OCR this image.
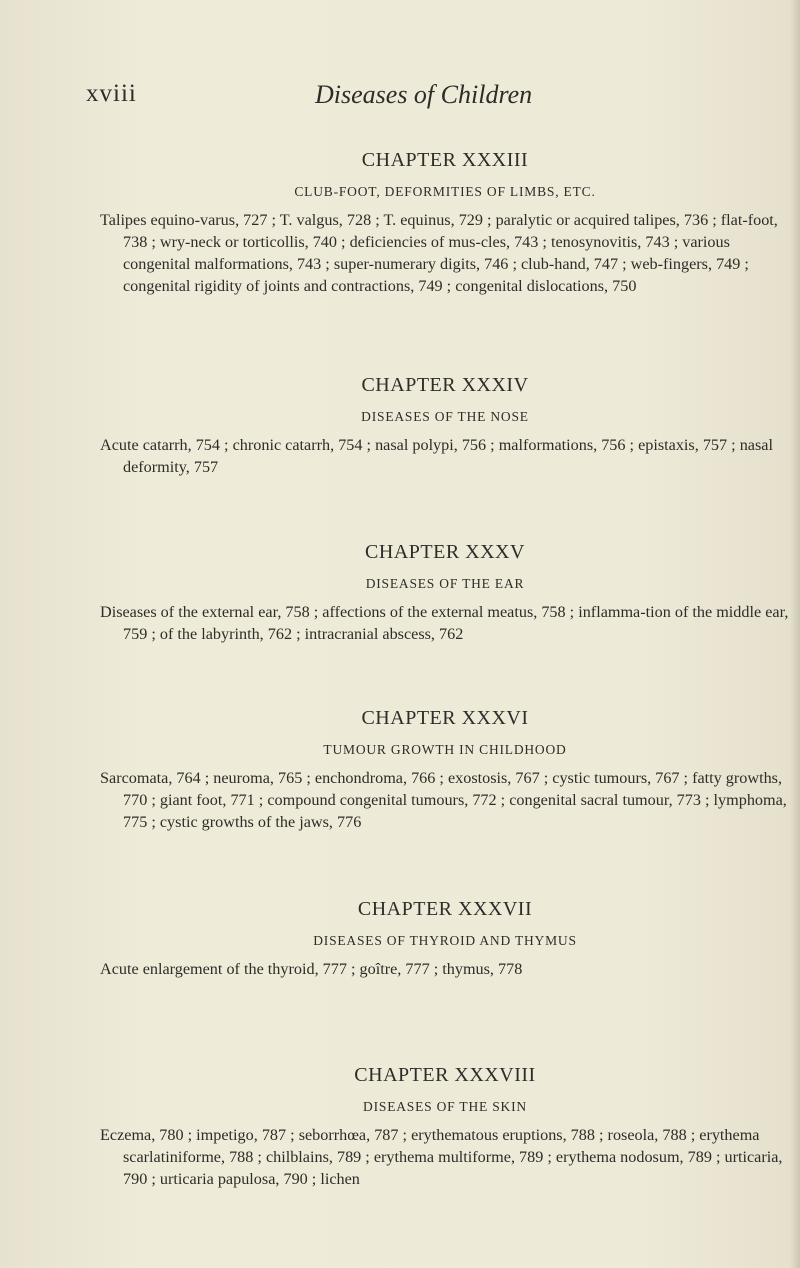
xviii	Diseases of Children
CHAPTER XXXIII

CLUB-FOOT, DEFORMITIES OF LIMBS, ETC.

Talipes equino-varus, 727 ; T. valgus, 728 ; T. equinus, 729 ; paralytic or acquired talipes, 736 ; flat-foot, 738 ; wry-neck or torticollis, 740 ; deficiencies of mus-cles, 743 ; tenosynovitis, 743 ; various congenital malformations, 743 ; super-numerary digits, 746 ; club-hand, 747 ; web-fingers, 749 ; congenital rigidity of joints and contractions, 749 ; congenital dislocations, 750

CHAPTER XXXIV

DISEASES OF THE NOSE

Acute catarrh, 754 ; chronic catarrh, 754 ; nasal polypi, 756 ; malformations, 756 ; epistaxis, 757 ; nasal deformity, 757

CHAPTER XXXV

DISEASES OF THE EAR

Diseases of the external ear, 758 ; affections of the external meatus, 758 ; inflamma-tion of the middle ear, 759 ; of the labyrinth, 762 ; intracranial abscess, 762

CHAPTER XXXVI

TUMOUR GROWTH IN CHILDHOOD

Sarcomata, 764 ; neuroma, 765 ; enchondroma, 766 ; exostosis, 767 ; cystic tumours, 767 ; fatty growths, 770 ; giant foot, 771 ; compound congenital tumours, 772 ; congenital sacral tumour, 773 ; lymphoma, 775 ; cystic growths of the jaws, 776

CHAPTER XXXVII

DISEASES OF THYROID AND THYMUS

Acute enlargement of the thyroid, 777 ; goître, 777 ; thymus, 778

CHAPTER XXXVIII

DISEASES OF THE SKIN

Eczema, 780 ; impetigo, 787 ; seborrhœa, 787 ; erythematous eruptions, 788 ; roseola, 788 ; erythema scarlatiniforme, 788 ; chilblains, 789 ; erythema multiforme, 789 ; erythema nodosum, 789 ; urticaria, 790 ; urticaria papulosa, 790 ; lichen
